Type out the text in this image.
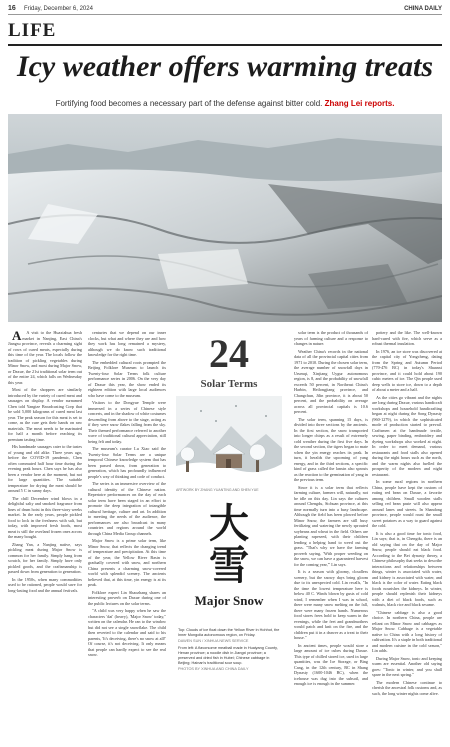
16 Friday, December 6, 2024	CHINA DAILY
LIFE
Icy weather offers warming treats
Fortifying food becomes a necessary part of the defense against bitter cold. Zhang Lei reports.

A A visit to the Huaxiahua fresh market in Nanjing, East China's Jiangsu province, reveals a charming sight of rows of cured meats, especially during this time of the year. The locals follow the tradition of pickling vegetables during Minor Snow, and most during Major Snow, or Daxue, the 21st traditional solar term out of the entire 24, which falls on Wednesday this year.

Most of the shoppers are similarly introduced by the variety of cured meat and sausages on display. A vendor surnamed Chen told Yangtze Broadcasting Corp that he sold 5,000 kilograms of cured meat last year. The peak season for this meat is set to come, as the cure gets their hands on raw materials. The meat needs to be marinated for half a month before reaching its premium tasting time.

His handmade sausages cater to the tastes of young and old alike. Three years ago, before the COVID-19 pandemic, Chen often commuted half hour time during the evening peak hours. Chen says he has also been a vendor here at the moment, but not for large quantities. The suitable temperature for drying the meat should be around 5 C in sunny days.

The chill December wind blows in a delightful salty and smoked fragrance from lines of drum hoist in this three-story weeks market. In the early years, people pickled food to lock in the freshness with salt, but today, with improved fresh foods, most meat is still the overland frozen ones across the many bought.

Zhang Yan, a Nanjing native, says pickling meat during Major Snow is common for her family. Simply hang from scratch, for her family. Simply have only pickled goods, and the craftsmanship is passed down from generation to generation.

In the 1950s, when many commodities used to be rationed, people would save for long-lasting food and the annual festivals.

centuries that we depend on our inner clocks, but what and where they are and how they work has long remained a mystery, although we do know such traditional knowledge for the right time.

The embedded cultural roots prompted the Beijing Folklore Museum to launch its Twenty-four Solar Terms folk culture performance series in 2006. On the very day of Daxue this year, the show ended its eighteen edition with large local audiences who have come to the museum.

Visitors to the Dongyue Temple were immersed in a series of Chinese style concerts, and in the shadow of white costumes descending from above to the stage, acting as if they were snow flakes falling from the sky. Their themed performance referred to another wave of traditional cultural appreciation, still being felt and today.

The museum's curator Lu Xiao said the Twenty-four Solar Terms are a unique temporal Chinese knowledge system that has been passed down, from generation to generation, which has profoundly influenced people's way of thinking and code of conduct.

The series is an immersive overview of the cultural identity of the Chinese nation. Repertoire performances on the day of each solar term have been staged in an effort to promote the deep integration of intangible cultural heritage, culture and art. In addition to meeting the needs of the audience, the performances are also broadcast in many countries and regions around the world through China Media Group channels.

Major Snow is a prime solar term, like Minor Snow, that reflects the changing trend of temperature and precipitation. At this time of the year, the Yellow River Basin is gradually covered with snow, and northern China presents a charming snow-covered world with splendid scenery. The ancients believed that, at this time, yin energy is at its peak.

Folklore expert Lin Shaozhang shares an interesting proverb on Daxue during one of the public lectures on the solar terms.

"A child was very happy when he saw the characters 'dai' (heavy), 'Major Snow' today," written on the calendar. He ran to the window but did not see a single snowflake. The child then reverted to the calendar and said to his parents, 'It's deceiving, there's no snow at all!' Of course, it's not deceiving. It only means that people can hardly expect to see the real snow.

24
Solar Terms
ARTWORK BY ZHANG YUANTING AND SHEN YUE
大
雪
Major Snow
Top: Clouds of ice float down the Yellow River in Hohhot, the Inner Mongolia autonomous region, on Friday.
DAWEN SUN / XINHUA NEWS SERVICE
From left: A flavorsome meatball made in Huaiyang County, Henan province; a noodle dish in Jiangxi province; a preserved and dried fish in Hubei; Chinese cabbage in Beijing; Hainan's traditional sour soup.
PHOTOS BY XINHUA AND CHINA DAILY

solar term is the product of thousands of years of farming culture and a response to changes in nature.

Weather China's records in the national data of all the provincial capital cities from 1971 to 2010. During the chosen solar term, the average number of snowfall days in Urumqi, Xinjiang Uygur autonomous region, is 8, and the probability of snowfall exceeds 50 percent, in Northeast China's Harbin, Heilongjiang province, and Changchun, Jilin province, it is about 50 percent, and the probability on average across all provincial capitals is 10.6 percent.

The solar term, spanning 15 days, is divided into three sections by the ancients. In the first section, the snow transported into longer chirps as a result of extremely cold weather during the first five days. In the second section, the tigers began to mate when the yin energy reaches its peak. In turn, it heralds the upcoming of yang energy, and in the third sections, a specific kind of grass called the lanxin also sprouts as the reaction to the germination of yang in the previous term.

Since it is a solar term that reflects farming culture, farmers will, naturally, not be idle on this day. Lin says the cultures around Chengdu, Sichuan province, at this time normally turn into a busy landscape. Although the field has been plowed before Minor Snow, the farmers are still busy fertilizing and watering the newly sprouted soybeans and wheat in the field. Others are planting rapeseed, with their children lending a helping hand to weed out the grass. "That's why we have the farming proverb saying, 'With proper weeding on the snow, we can have a guaranteed harvest for the coming year,'" Lin says.

It is a season with gloomy, cloudless scenery, but the snowy days bring gloom due to its unexpected cold. Lin recalls, "In the time the lowest temperature here is below 40 C. Winds blown by gusts of cold wind, I remember when I was in school, there were many snow melting on the fall, there were many frozen hands. Numerous food stores frees hold to keep warm in the evenings, while the feet and grandmothers would patch and knit on the fire, and the children put it in a drawer as a treat to their house."

In ancient times, people would store a large amount of ice cubes during Daxue. This type of chilled stored ice, used in large quantities, was the Ice Storage, or Bing Cang, in the 12th century, BC in Shang Dynasty (1600-1046 BC), when the icehouse was dug into the subsoil, and enough ice is enough in the summer.

pottery and the like. The well-known hard-cured with fire, which serve as a robust thermal insulation.

In 1976, an ice store was discovered at the capital city of Yongcheng, dating from the Spring and Autumn Period (770-476 BC) in today's Shaanxi province, and it could hold about 190 cubic meters of ice. The Qin people used deep wells to store ice, down to a depth of about a meter and a half.

As the cities go vibrant and the nights are long during Daxue, various handicraft workshops and household handicrafting began at night during the Song Dynasty (960-1279), in which the sophisticated mode of production started to prevail. Craftsmen at the handmade textile, sewing, paper binding, embroidery and dyeing workshops also worked at night. In order to meet demand, various restaurants and food stalls also opened during the night hours such as the north, and the warm nights also fuelled the prosperity of the modern and night restaurant.

In some rural regions in northern China, people have kept the custom of eating red bean on Daxue, a favorite among children. Small wooden stalls selling red bean paste will also appear around lanes and streets. In Shandong province, people would roast the small sweet potatoes as a way to guard against the cold.

It is also a good time for tonic food, Lin says; that is, in Chengdu, there is an old saying that on the day of Major Snow, people should eat black food. According to the Bei dynasty theory, a Chinese philosophy that seeks to describe interactions and relationships between things, winter is associated with water, and kidney is associated with water, and black is the color of water. Eating black foods nourishes the kidneys. In winter, people should replenish their kidneys with a diet of black foods, such as walnuts, black rice and black sesame.

"Chinese cabbage is also a good choice. In northern China, people are reliant on Minor Snow and cabbages as Major Snow. Cabbage is a vegetable native to China with a long history of cultivation. It's a staple in both traditional and modern cuisine in the cold season," Lin adds.

During Major Snow, tonic and keeping warm are essential. Another old saying goes: "Tonic in winter, and you shall spare in the next spring."

The modern Chinese continue to cherish the ancestral folk customs and, as such, the long winter nights come alive.
